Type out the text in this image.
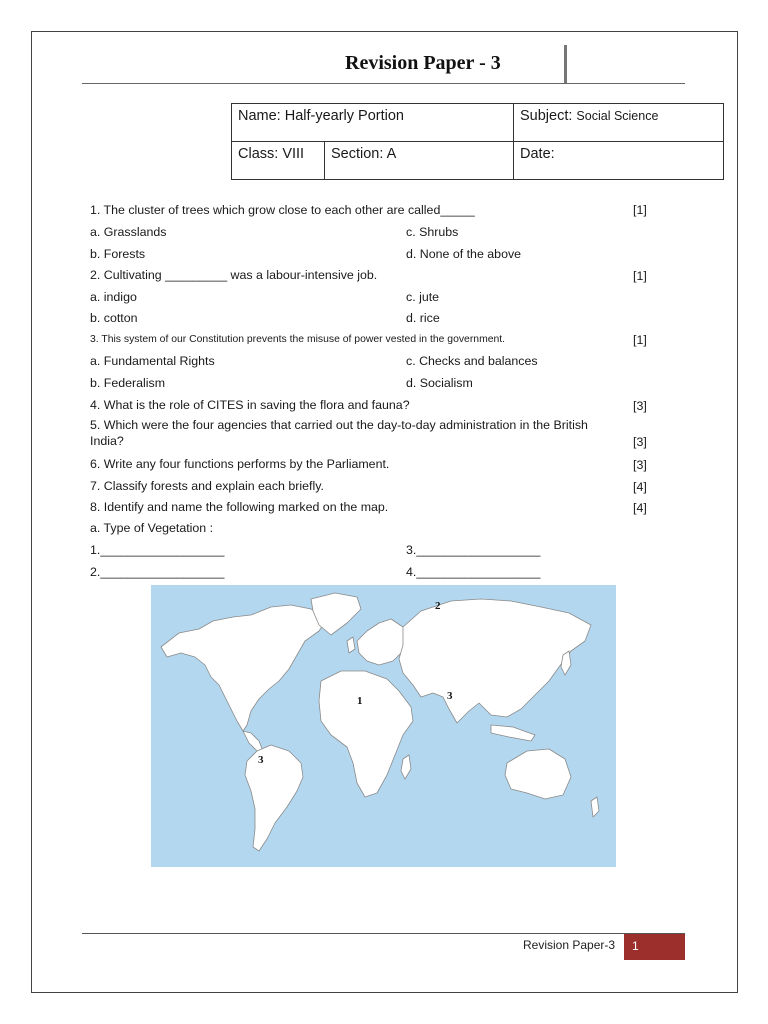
Revision Paper - 3
Name: Half-yearly Portion		Subject: Social Science
Class: VIII	Section: A	Date:
1. The cluster of trees which grow close to each other are called_____	[1]
a. Grasslands	c. Shrubs
b. Forests	d. None of the above
2. Cultivating _________ was a labour-intensive job.	[1]
a. indigo	c. jute
b. cotton	d. rice
3. This system of our Constitution prevents the misuse of power vested in the government.	[1]
a. Fundamental Rights	c. Checks and balances
b. Federalism	d. Socialism
4. What is the role of CITES in saving the flora and fauna?	[3]
5. Which were the four agencies that carried out the day-to-day administration in the British
India?	[3]
6. Write any four functions performs by the Parliament.	[3]
7. Classify forests and explain each briefly.	[4]
8. Identify and name the following marked on the map.	[4]
a. Type of Vegetation :
1.__________________	3.__________________
2.__________________	4.__________________
2
1	3
3
Revision Paper-3	1
